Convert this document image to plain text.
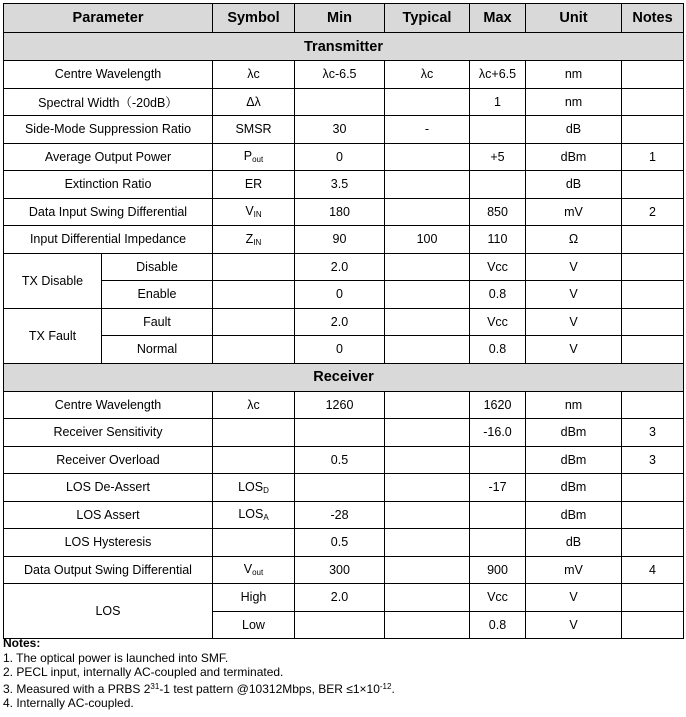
Parameter		Symbol	Min	Typical	Max	Unit	Notes
Transmitter							
Centre Wavelength		λc	λc-6.5	λc	λc+6.5	nm	
Spectral Width（-20dB）		Δλ			1	nm	
Side-Mode Suppression Ratio		SMSR	30	-		dB	
Average Output Power		$P_{out}$	0		+5	dBm	1
Extinction Ratio		ER	3.5			dB	
Data Input Swing Differential		$V_{IN}$	180		850	mV	2
Input Differential Impedance		$Z_{IN}$	90	100	110	Ω	
TX Disable	Disable		2.0		Vcc	V	
	Enable		0		0.8	V	
TX Fault	Fault		2.0		Vcc	V	
	Normal		0		0.8	V	
Receiver							
Centre Wavelength		λc	1260		1620	nm	
Receiver Sensitivity					-16.0	dBm	3
Receiver Overload			0.5			dBm	3
LOS De-Assert		$LOS_D$			-17	dBm	
LOS Assert		$LOS_A$	-28			dBm	
LOS Hysteresis			0.5			dB	
Data Output Swing Differential		$V_{out}$	300		900	mV	4
LOS		High	2.0		Vcc	V	
		Low			0.8	V	
Notes:
1. The optical power is launched into SMF.
2. PECL input, internally AC-coupled and terminated.
3. Measured with a PRBS $2^{31}-1$ test pattern @10312Mbps, BER $\le 1\times 10^{-12}$.
4. Internally AC-coupled.
